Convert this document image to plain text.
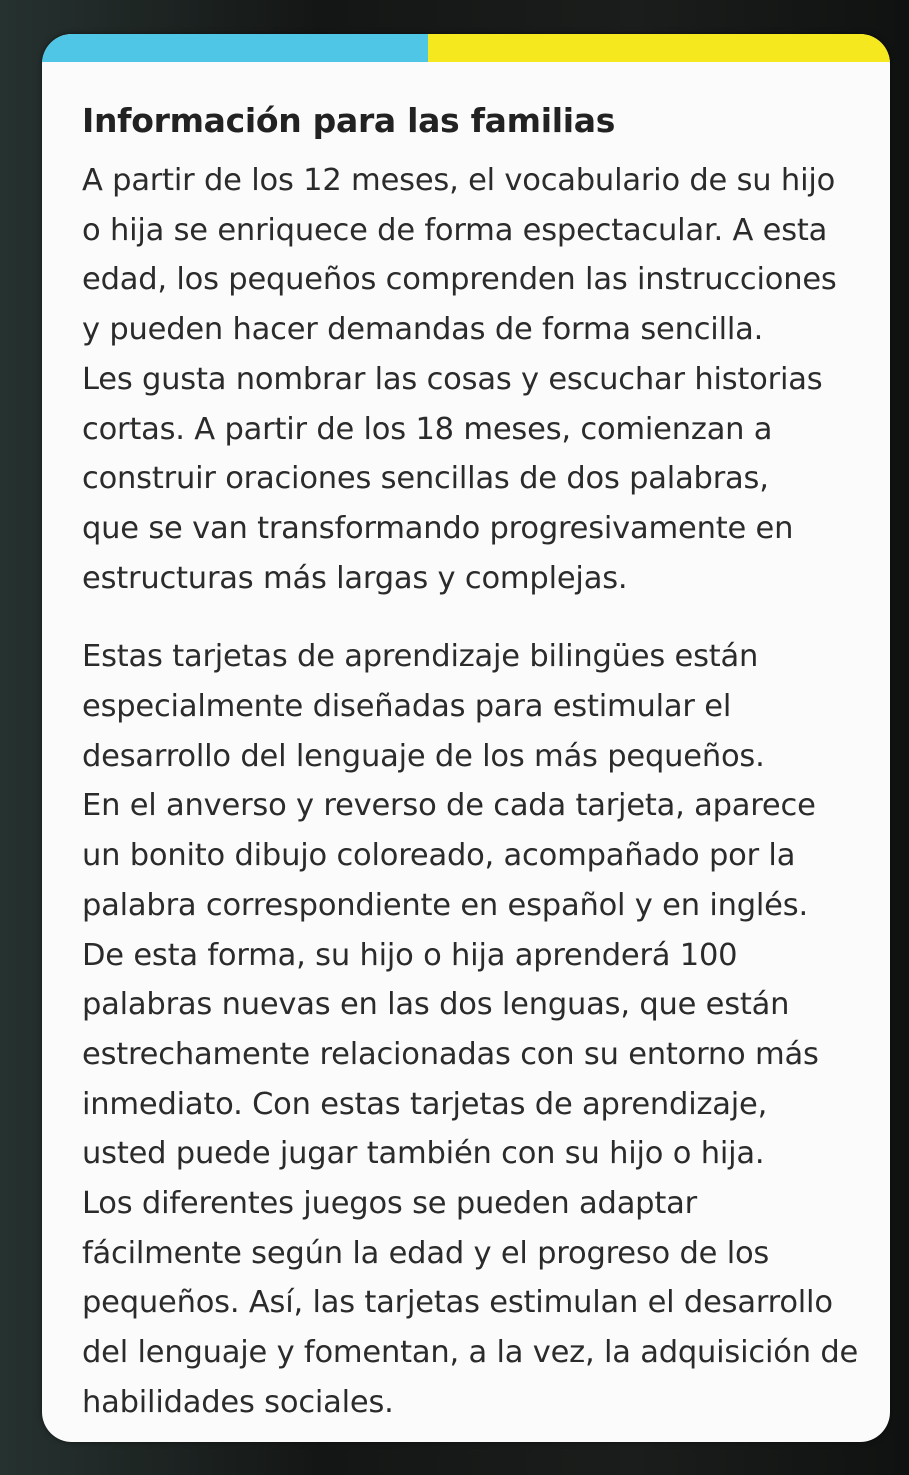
Información para las familias
A partir de los 12 meses, el vocabulario de su hijo
o hija se enriquece de forma espectacular. A esta
edad, los pequeños comprenden las instrucciones
y pueden hacer demandas de forma sencilla.
Les gusta nombrar las cosas y escuchar historias
cortas. A partir de los 18 meses, comienzan a
construir oraciones sencillas de dos palabras,
que se van transformando progresivamente en
estructuras más largas y complejas.
Estas tarjetas de aprendizaje bilingües están
especialmente diseñadas para estimular el
desarrollo del lenguaje de los más pequeños.
En el anverso y reverso de cada tarjeta, aparece
un bonito dibujo coloreado, acompañado por la
palabra correspondiente en español y en inglés.
De esta forma, su hijo o hija aprenderá 100
palabras nuevas en las dos lenguas, que están
estrechamente relacionadas con su entorno más
inmediato. Con estas tarjetas de aprendizaje,
usted puede jugar también con su hijo o hija.
Los diferentes juegos se pueden adaptar
fácilmente según la edad y el progreso de los
pequeños. Así, las tarjetas estimulan el desarrollo
del lenguaje y fomentan, a la vez, la adquisición de
habilidades sociales.
